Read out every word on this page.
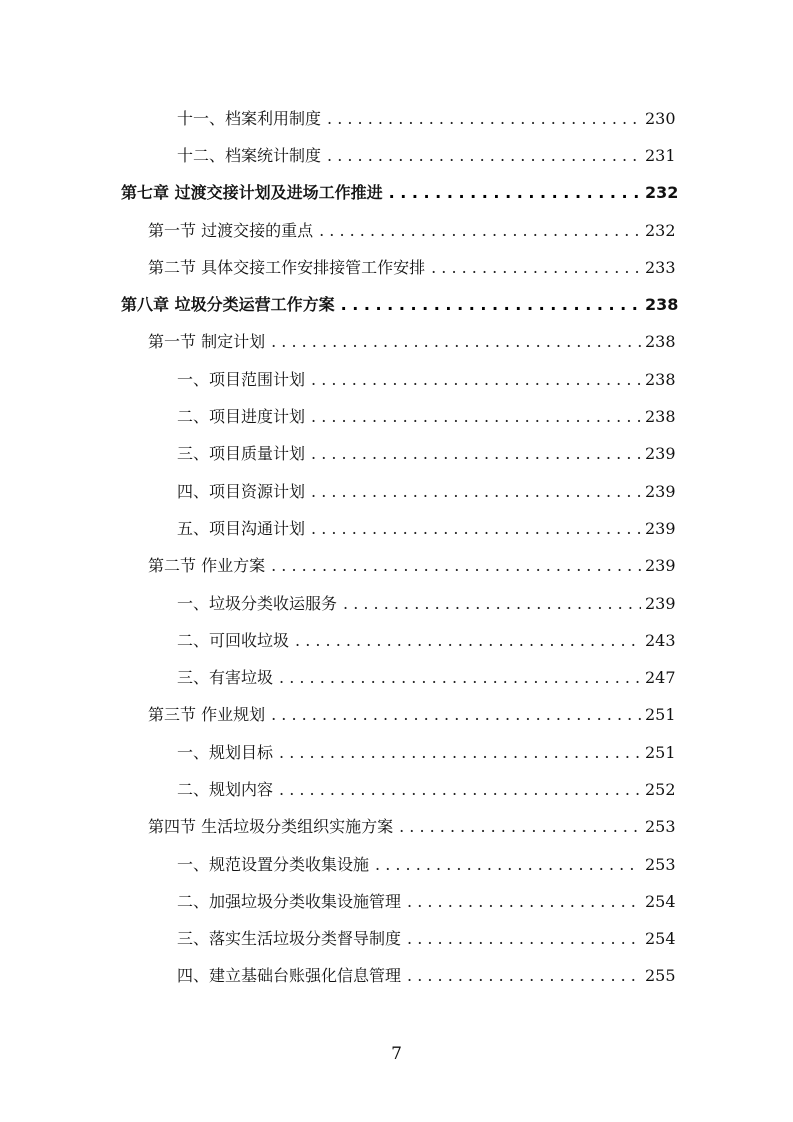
十一、档案利用制度 . . .	230
十二、档案统计制度 . . .	231
第七章 过渡交接计划及进场工作推进 . . .	232
第一节 过渡交接的重点 . . .	232
第二节 具体交接工作安排接管工作安排 . . .	233
第八章 垃圾分类运营工作方案 . . .	238
第一节 制定计划 . . .	238
一、项目范围计划 . . .	238
二、项目进度计划 . . .	238
三、项目质量计划 . . .	239
四、项目资源计划 . . .	239
五、项目沟通计划 . . .	239
第二节 作业方案 . . .	239
一、垃圾分类收运服务 . . .	239
二、可回收垃圾 . . .	243
三、有害垃圾 . . .	247
第三节 作业规划 . . .	251
一、规划目标 . . .	251
二、规划内容 . . .	252
第四节 生活垃圾分类组织实施方案 . . .	253
一、规范设置分类收集设施 . . .	253
二、加强垃圾分类收集设施管理 . . .	254
三、落实生活垃圾分类督导制度 . . .	254
四、建立基础台账强化信息管理 . . .	255
7
